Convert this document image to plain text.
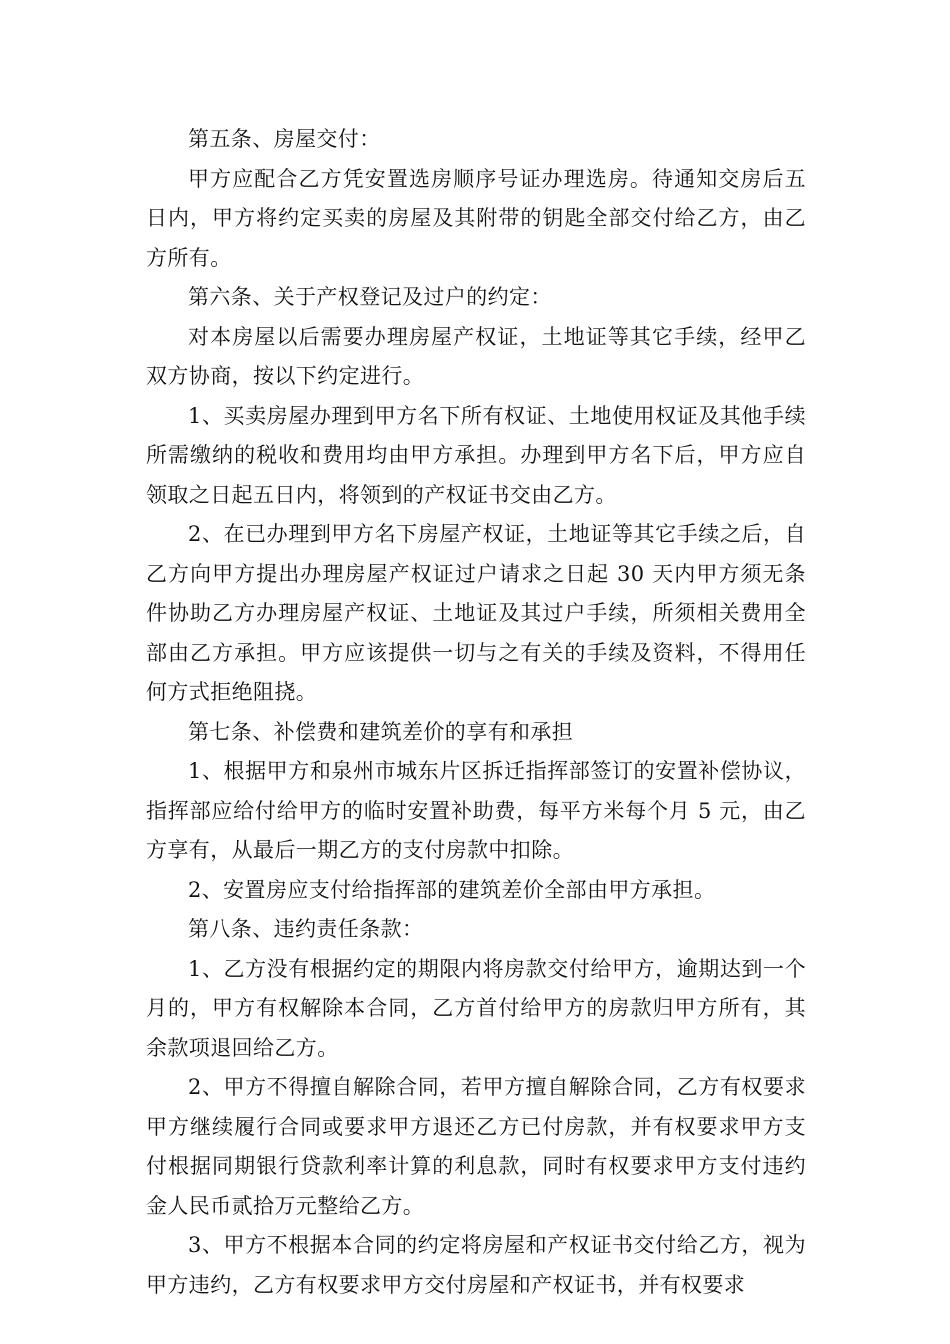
第五条、房屋交付：

甲方应配合乙方凭安置选房顺序号证办理选房。待通知交房后五日内，甲方将约定买卖的房屋及其附带的钥匙全部交付给乙方，由乙方所有。

第六条、关于产权登记及过户的约定：

对本房屋以后需要办理房屋产权证，土地证等其它手续，经甲乙双方协商，按以下约定进行。

1、买卖房屋办理到甲方名下所有权证、土地使用权证及其他手续所需缴纳的税收和费用均由甲方承担。办理到甲方名下后，甲方应自领取之日起五日内，将领到的产权证书交由乙方。

2、在已办理到甲方名下房屋产权证，土地证等其它手续之后，自乙方向甲方提出办理房屋产权证过户请求之日起 30 天内甲方须无条件协助乙方办理房屋产权证、土地证及其过户手续，所须相关费用全部由乙方承担。甲方应该提供一切与之有关的手续及资料，不得用任何方式拒绝阻挠。

第七条、补偿费和建筑差价的享有和承担

1、根据甲方和泉州市城东片区拆迁指挥部签订的安置补偿协议，指挥部应给付给甲方的临时安置补助费，每平方米每个月 5 元，由乙方享有，从最后一期乙方的支付房款中扣除。

2、安置房应支付给指挥部的建筑差价全部由甲方承担。

第八条、违约责任条款：

1、乙方没有根据约定的期限内将房款交付给甲方，逾期达到一个月的，甲方有权解除本合同，乙方首付给甲方的房款归甲方所有，其余款项退回给乙方。

2、甲方不得擅自解除合同，若甲方擅自解除合同，乙方有权要求甲方继续履行合同或要求甲方退还乙方已付房款，并有权要求甲方支付根据同期银行贷款利率计算的利息款，同时有权要求甲方支付违约金人民币贰拾万元整给乙方。

3、甲方不根据本合同的约定将房屋和产权证书交付给乙方，视为甲方违约，乙方有权要求甲方交付房屋和产权证书，并有权要求
